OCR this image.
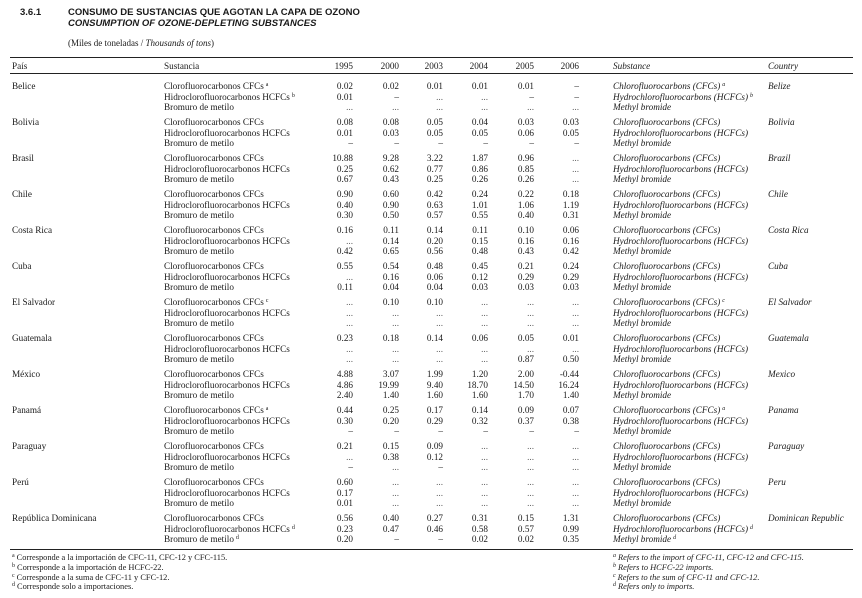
3.6.1	CONSUMO DE SUSTANCIAS QUE AGOTAN LA CAPA DE OZONO
CONSUMPTION OF OZONE-DEPLETING SUBSTANCES
(Miles de toneladas / Thousands of tons)
País	Sustancia	1995	2000	2003	2004	2005	2006	Substance	Country
Belice	Clorofluorocarbonos CFCs $^a$	0.02	0.02	0.01	0.01	0.01	–	Chlorofluorocarbons (CFCs) $^a$	Belize
Hidroclorofluorocarbonos HCFCs $^b$	0.01	–	...	...	–	–	Hydrochlorofluorocarbons (HCFCs) $^b$
Bromuro de metilo	...	...	...	...	...	...	Methyl bromide
Bolivia	Clorofluorocarbonos CFCs	0.08	0.08	0.05	0.04	0.03	0.03	Chlorofluorocarbons (CFCs)	Bolivia
Hidroclorofluorocarbonos HCFCs	0.01	0.03	0.05	0.05	0.06	0.05	Hydrochlorofluorocarbons (HCFCs)
Bromuro de metilo	–	–	–	–	–	–	Methyl bromide
Brasil	Clorofluorocarbonos CFCs	10.88	9.28	3.22	1.87	0.96	...	Chlorofluorocarbons (CFCs)	Brazil
Hidroclorofluorocarbonos HCFCs	0.25	0.62	0.77	0.86	0.85	...	Hydrochlorofluorocarbons (HCFCs)
Bromuro de metilo	0.67	0.43	0.25	0.26	0.26	...	Methyl bromide
Chile	Clorofluorocarbonos CFCs	0.90	0.60	0.42	0.24	0.22	0.18	Chlorofluorocarbons (CFCs)	Chile
Hidroclorofluorocarbonos HCFCs	0.40	0.90	0.63	1.01	1.06	1.19	Hydrochlorofluorocarbons (HCFCs)
Bromuro de metilo	0.30	0.50	0.57	0.55	0.40	0.31	Methyl bromide
Costa Rica	Clorofluorocarbonos CFCs	0.16	0.11	0.14	0.11	0.10	0.06	Chlorofluorocarbons (CFCs)	Costa Rica
Hidroclorofluorocarbonos HCFCs	...	0.14	0.20	0.15	0.16	0.16	Hydrochlorofluorocarbons (HCFCs)
Bromuro de metilo	0.42	0.65	0.56	0.48	0.43	0.42	Methyl bromide
Cuba	Clorofluorocarbonos CFCs	0.55	0.54	0.48	0.45	0.21	0.24	Chlorofluorocarbons (CFCs)	Cuba
Hidroclorofluorocarbonos HCFCs	...	0.16	0.06	0.12	0.29	0.29	Hydrochlorofluorocarbons (HCFCs)
Bromuro de metilo	0.11	0.04	0.04	0.03	0.03	0.03	Methyl bromide
El Salvador	Clorofluorocarbonos CFCs $^c$	...	0.10	0.10	...	...	...	Chlorofluorocarbons (CFCs) $^c$	El Salvador
Hidroclorofluorocarbonos HCFCs	...	...	...	...	...	...	Hydrochlorofluorocarbons (HCFCs)
Bromuro de metilo	...	...	...	...	...	...	Methyl bromide
Guatemala	Clorofluorocarbonos CFCs	0.23	0.18	0.14	0.06	0.05	0.01	Chlorofluorocarbons (CFCs)	Guatemala
Hidroclorofluorocarbonos HCFCs	...	...	...	...	...	...	Hydrochlorofluorocarbons (HCFCs)
Bromuro de metilo	...	...	...	...	0.87	0.50	Methyl bromide
México	Clorofluorocarbonos CFCs	4.88	3.07	1.99	1.20	2.00	-0.44	Chlorofluorocarbons (CFCs)	Mexico
Hidroclorofluorocarbonos HCFCs	4.86	19.99	9.40	18.70	14.50	16.24	Hydrochlorofluorocarbons (HCFCs)
Bromuro de metilo	2.40	1.40	1.60	1.60	1.70	1.40	Methyl bromide
Panamá	Clorofluorocarbonos CFCs $^a$	0.44	0.25	0.17	0.14	0.09	0.07	Chlorofluorocarbons (CFCs) $^a$	Panama
Hidroclorofluorocarbonos HCFCs	0.30	0.20	0.29	0.32	0.37	0.38	Hydrochlorofluorocarbons (HCFCs)
Bromuro de metilo	–	–	–	–	–	–	Methyl bromide
Paraguay	Clorofluorocarbonos CFCs	0.21	0.15	0.09	...	...	...	Chlorofluorocarbons (CFCs)	Paraguay
Hidroclorofluorocarbonos HCFCs	...	0.38	0.12	...	...	...	Hydrochlorofluorocarbons (HCFCs)
Bromuro de metilo	–	...	–	...	...	...	Methyl bromide
Perú	Clorofluorocarbonos CFCs	0.60	...	...	...	...	...	Chlorofluorocarbons (CFCs)	Peru
Hidroclorofluorocarbonos HCFCs	0.17	...	...	...	...	...	Hydrochlorofluorocarbons (HCFCs)
Bromuro de metilo	0.01	...	...	...	...	...	Methyl bromide
República Dominicana	Clorofluorocarbonos CFCs	0.56	0.40	0.27	0.31	0.15	1.31	Chlorofluorocarbons (CFCs)	Dominican Republic
Hidroclorofluorocarbonos HCFCs $^d$	0.23	0.47	0.46	0.58	0.57	0.99	Hydrochlorofluorocarbons (HCFCs) $^d$
Bromuro de metilo $^d$	0.20	–	–	0.02	0.02	0.35	Methyl bromide $^d$
$^a$ Corresponde a la importación de CFC-11, CFC-12 y CFC-115.
$^b$ Corresponde a la importación de HCFC-22.
$^c$ Corresponde a la suma de CFC-11 y CFC-12.
$^d$ Corresponde solo a importaciones.
$^a$ Refers to the import of CFC-11, CFC-12 and CFC-115.
$^b$ Refers to HCFC-22 imports.
$^c$ Refers to the sum of CFC-11 and CFC-12.
$^d$ Refers only to imports.
